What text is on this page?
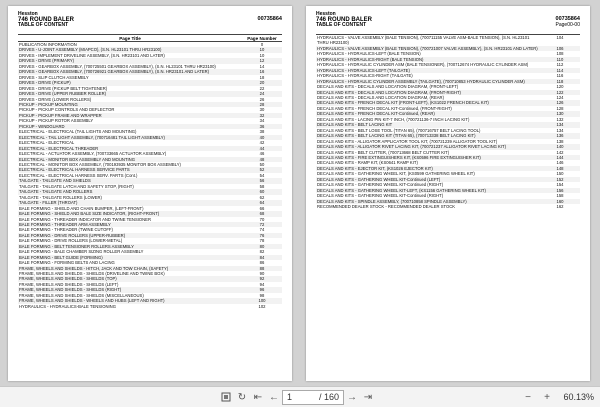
Hesston
746 ROUND BALER
TABLE OF CONTENT
00735864
Page Title	Page Number
PUBLICATION INFORMATION	0
DRIVES - U-JOINT ASSEMBLY (MIAPCO), (S.N. HL23101 THRU HR23100)	10
DRIVES - IMPLEMENT DRIVELINE ASSEMBLY, (S.N. HR23101 AND LATER)	10
DRIVES - DRIVE (PRIMARY)	12
DRIVES - GEARBOX ASSEMBLY, (700725501 GEARBOX ASSEMBLY), (S.N. HL23101 THRU HR23100)	14
DRIVES - GEARBOX ASSEMBLY, (700726921 GEARBOX ASSEMBLY), (S.N. HR23101 AND LATER)	16
DRIVES - SLIP CLUTCH ASSEMBLY	18
DRIVES - DRIVE (PICKUP)	20
DRIVES - DRIVE (PICKUP BELT TIGHTENER)	22
DRIVES - DRIVE (UPPER RUBBER ROLLER)	24
DRIVES - DRIVE (LOWER ROLLERS)	26
PICKUP - PICKUP MOUNTING	28
PICKUP - PICKUP CONTROLS AND DEFLECTOR	30
PICKUP - PICKUP FRAME AND WRAPPER	32
PICKUP - PICKUP ROTOR ASSEMBLY	34
PICKUP - WINDGUARD	36
ELECTRICAL - ELECTRICAL (TAIL LIGHTS AND MOUNTING)	38
ELECTRICAL - TAIL LIGHT ASSEMBLY, (700716481 TAIL LIGHT ASSEMBLY)	40
ELECTRICAL - ELECTRICAL	42
ELECTRICAL - ELECTRICAL THREADER	44
ELECTRICAL - ACTUATOR ASSEMBLY, (700733665 ACTUATOR ASSEMBLY)	46
ELECTRICAL - MONITOR BOX ASSEMBLY AND MOUNTING	48
ELECTRICAL - MONITOR BOX ASSEMBLY, (700193935 MONITOR BOX ASSEMBLY)	50
ELECTRICAL - ELECTRICAL HARNESS SERVICE PARTS	52
ELECTRICAL - ELECTRICAL HARNESS SERV. PARTS (Cont.)	54
TAILGATE - TAILGATE AND SHIELDS	56
TAILGATE - TAILGATE LATCH AND SAFETY STOP, (RIGHT)	58
TAILGATE - TAILGATE AND ROLLERS	60
TAILGATE - TAILGATE ROLLERS (LOWER)	62
TAILGATE - FILLER (THROAT)	64
BALE FORMING - SHIELD AND CHAIN BUMPER, (LEFT-FRONT)	66
BALE FORMING - SHIELD AND BALE SIZE INDICATOR, (RIGHT-FRONT)	68
BALE FORMING - THREADER INDICATOR AND TWINE TENSIONER	70
BALE FORMING - THREADER ARM ASSEMBLY	72
BALE FORMING - THREADER (TWINE CUTOFF)	74
BALE FORMING - DRIVE ROLLERS (UPPER-RUBBER)	76
BALE FORMING - DRIVE ROLLERS (LOWER-METAL)	78
BALE FORMING - BELT TENSIONER ROLLERS ASSEMBLY	80
BALE FORMING - BALE CHAMBER SIZING ROLLER ASSEMBLY	82
BALE FORMING - BELT GUIDE (FORMING)	84
BALE FORMING - FORMING BELTS AND LACING	86
FRAME, WHEELS AND SHIELDS - HITCH, JACK AND TOW CHAIN, (SAFETY)	88
FRAME, WHEELS AND SHIELDS - SHIELDS (DRIVELINE AND TWINE BOX)	90
FRAME, WHEELS AND SHIELDS - SHIELDS (TOP)	92
FRAME, WHEELS AND SHIELDS - SHIELDS (LEFT)	94
FRAME, WHEELS AND SHIELDS - SHIELDS (RIGHT)	96
FRAME, WHEELS AND SHIELDS - SHIELDS (MISCELLANEOUS)	98
FRAME, WHEELS AND SHIELDS - WHEELS AND HUBS (LEFT AND RIGHT)	100
HYDRAULICS - HYDRAULICS-BALE TENSIONING	102
Hesston
746 ROUND BALER
TABLE OF CONTENT
00735864
Page00-00
HYDRAULICS - VALVE ASSEMBLY (BALE TENSION), (700711155 VALVE ASM-BALE TENSION), (S.N. HL23101 THRU HR23100)	104
HYDRAULICS - VALVE ASSEMBLY (BALE TENSION), (700721007 VALVE ASSEMBLY), (S.N. HR23101 AND LATER)	106
HYDRAULICS - HYDRAULICS-LEFT (BALE TENSION)	108
HYDRAULICS - HYDRAULICS-RIGHT (BALE TENSION)	110
HYDRAULICS - HYDRAULIC CYLINDER ASM (BALE TENSIONER), (700712674 HYDRAULIC CYLINDER ASM)	112
HYDRAULICS - HYDRAULICS-LEFT (TAILGATE)	114
HYDRAULICS - HYDRAULICS-RIGHT (TAILGATE)	116
HYDRAULICS - HYDRAULIC CYLINDER ASSEMBLY (TAILGATE), (700710853 HYDRAULIC CYLINDER ASM)	118
DECALS AND KITS - DECALS AND LOCATION DIAGRAM, (FRONT-LEFT)	120
DECALS AND KITS - DECALS AND LOCATION DIAGRAM, (FRONT-RIGHT)	122
DECALS AND KITS - DECALS AND LOCATION DIAGRAM, (REAR)	124
DECALS AND KITS - FRENCH DECAL KIT (FRONT-LEFT), (KS1022 FRENCH DECAL KIT)	126
DECALS AND KITS - FRENCH DECAL KIT-Continued, (FRONT-RIGHT)	128
DECALS AND KITS - FRENCH DECAL KIT-Continued, (REAR)	130
DECALS AND KITS - LACING PIN KIT-7 INCH, (700721136-7 INCH LACING KIT)	132
DECALS AND KITS - BELT LACING KIT	134
DECALS AND KITS - BELT LOSE TOOL (TITAN 65), (700716757 BELT LACING TOOL)	134
DECALS AND KITS - BELT LACING KIT (TITAN 65), (700713338 BELT LACING KIT)	136
DECALS AND KITS - ALLIGATOR APPLICATOR TOOL KIT, (700721239 ALLIGATOR TOOL KIT)	138
DECALS AND KITS - ALLIGATOR RIVET LACING KIT, (700721237 ALLIGATOR RIVET LACING KIT)	140
DECALS AND KITS - BELT CUTTER, (700713668 BELT CUTTER KIT)	142
DECALS AND KITS - FIRE EXTINGUISHERS KIT, (KS0596 FIRE EXTINGUISHER KIT)	144
DECALS AND KITS - RAMP KIT, (KS0641 RAMP KIT)	146
DECALS AND KITS - EJECTOR KIT, (KS1026 EJECTOR KIT)	148
DECALS AND KITS - GATHERING WHEEL KIT, (KS0599 GATHERING WHEEL KIT)	150
DECALS AND KITS - GATHERING WHEEL KIT-Continued (LEFT)	152
DECALS AND KITS - GATHERING WHEEL KIT-Continued (RIGHT)	154
DECALS AND KITS - GATHERING WHEEL KIT-LEFT, (KS1156 GATHERING WHEEL KIT)	156
DECALS AND KITS - GATHERING WHEEL KIT-Continued (RIGHT)	158
DECALS AND KITS - SPINDLE ASSEMBLY, (700710858 SPINDLE ASSEMBLY)	160
RECOMMENDED DEALER STOCK - RECOMMENDED DEALER STOCK	162
↻ ⇤ ← 1	/ 160 → ⇥	−	+	60.13%
